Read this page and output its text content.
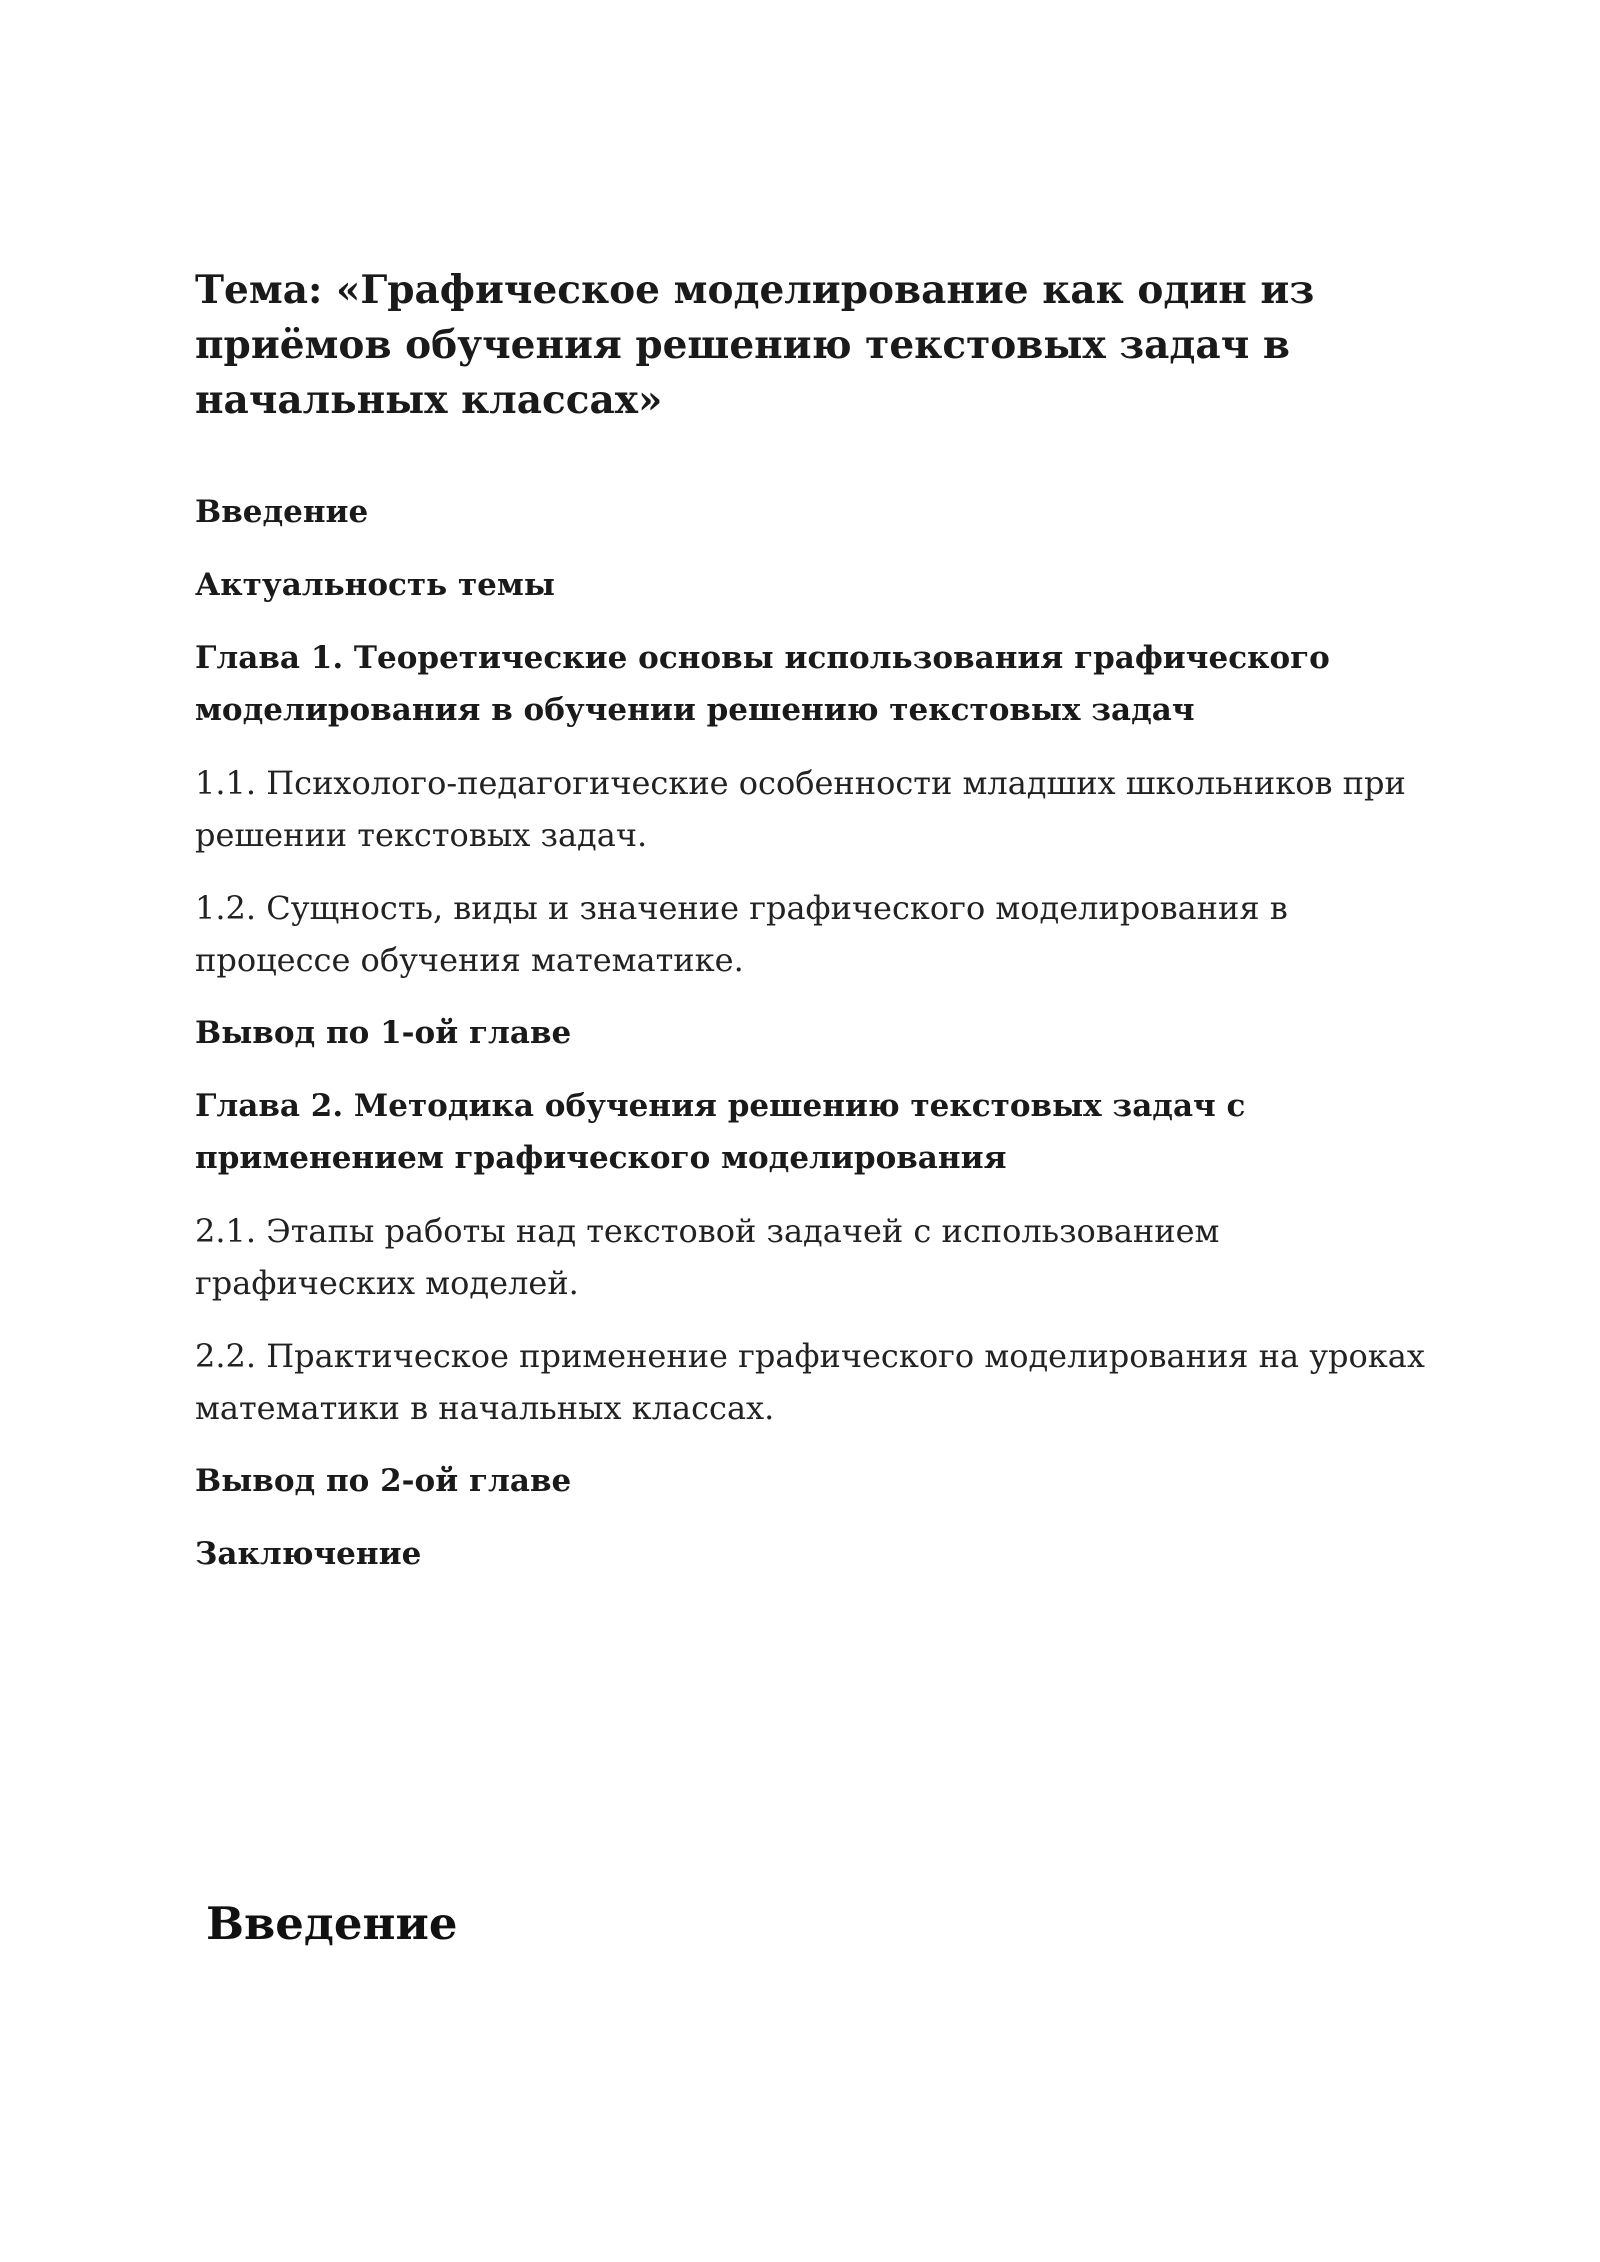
Тема: «Графическое моделирование как один из приёмов обучения решению текстовых задач в начальных классах»
Введение
Актуальность темы
Глава 1. Теоретические основы использования графического моделирования в обучении решению текстовых задач
1.1. Психолого-педагогические особенности младших школьников при решении текстовых задач.
1.2. Сущность, виды и значение графического моделирования в процессе обучения математике.
Вывод по 1-ой главе
Глава 2. Методика обучения решению текстовых задач с применением графического моделирования
2.1. Этапы работы над текстовой задачей с использованием графических моделей.
2.2. Практическое применение графического моделирования на уроках математики в начальных классах.
Вывод по 2-ой главе
Заключение
Введение
